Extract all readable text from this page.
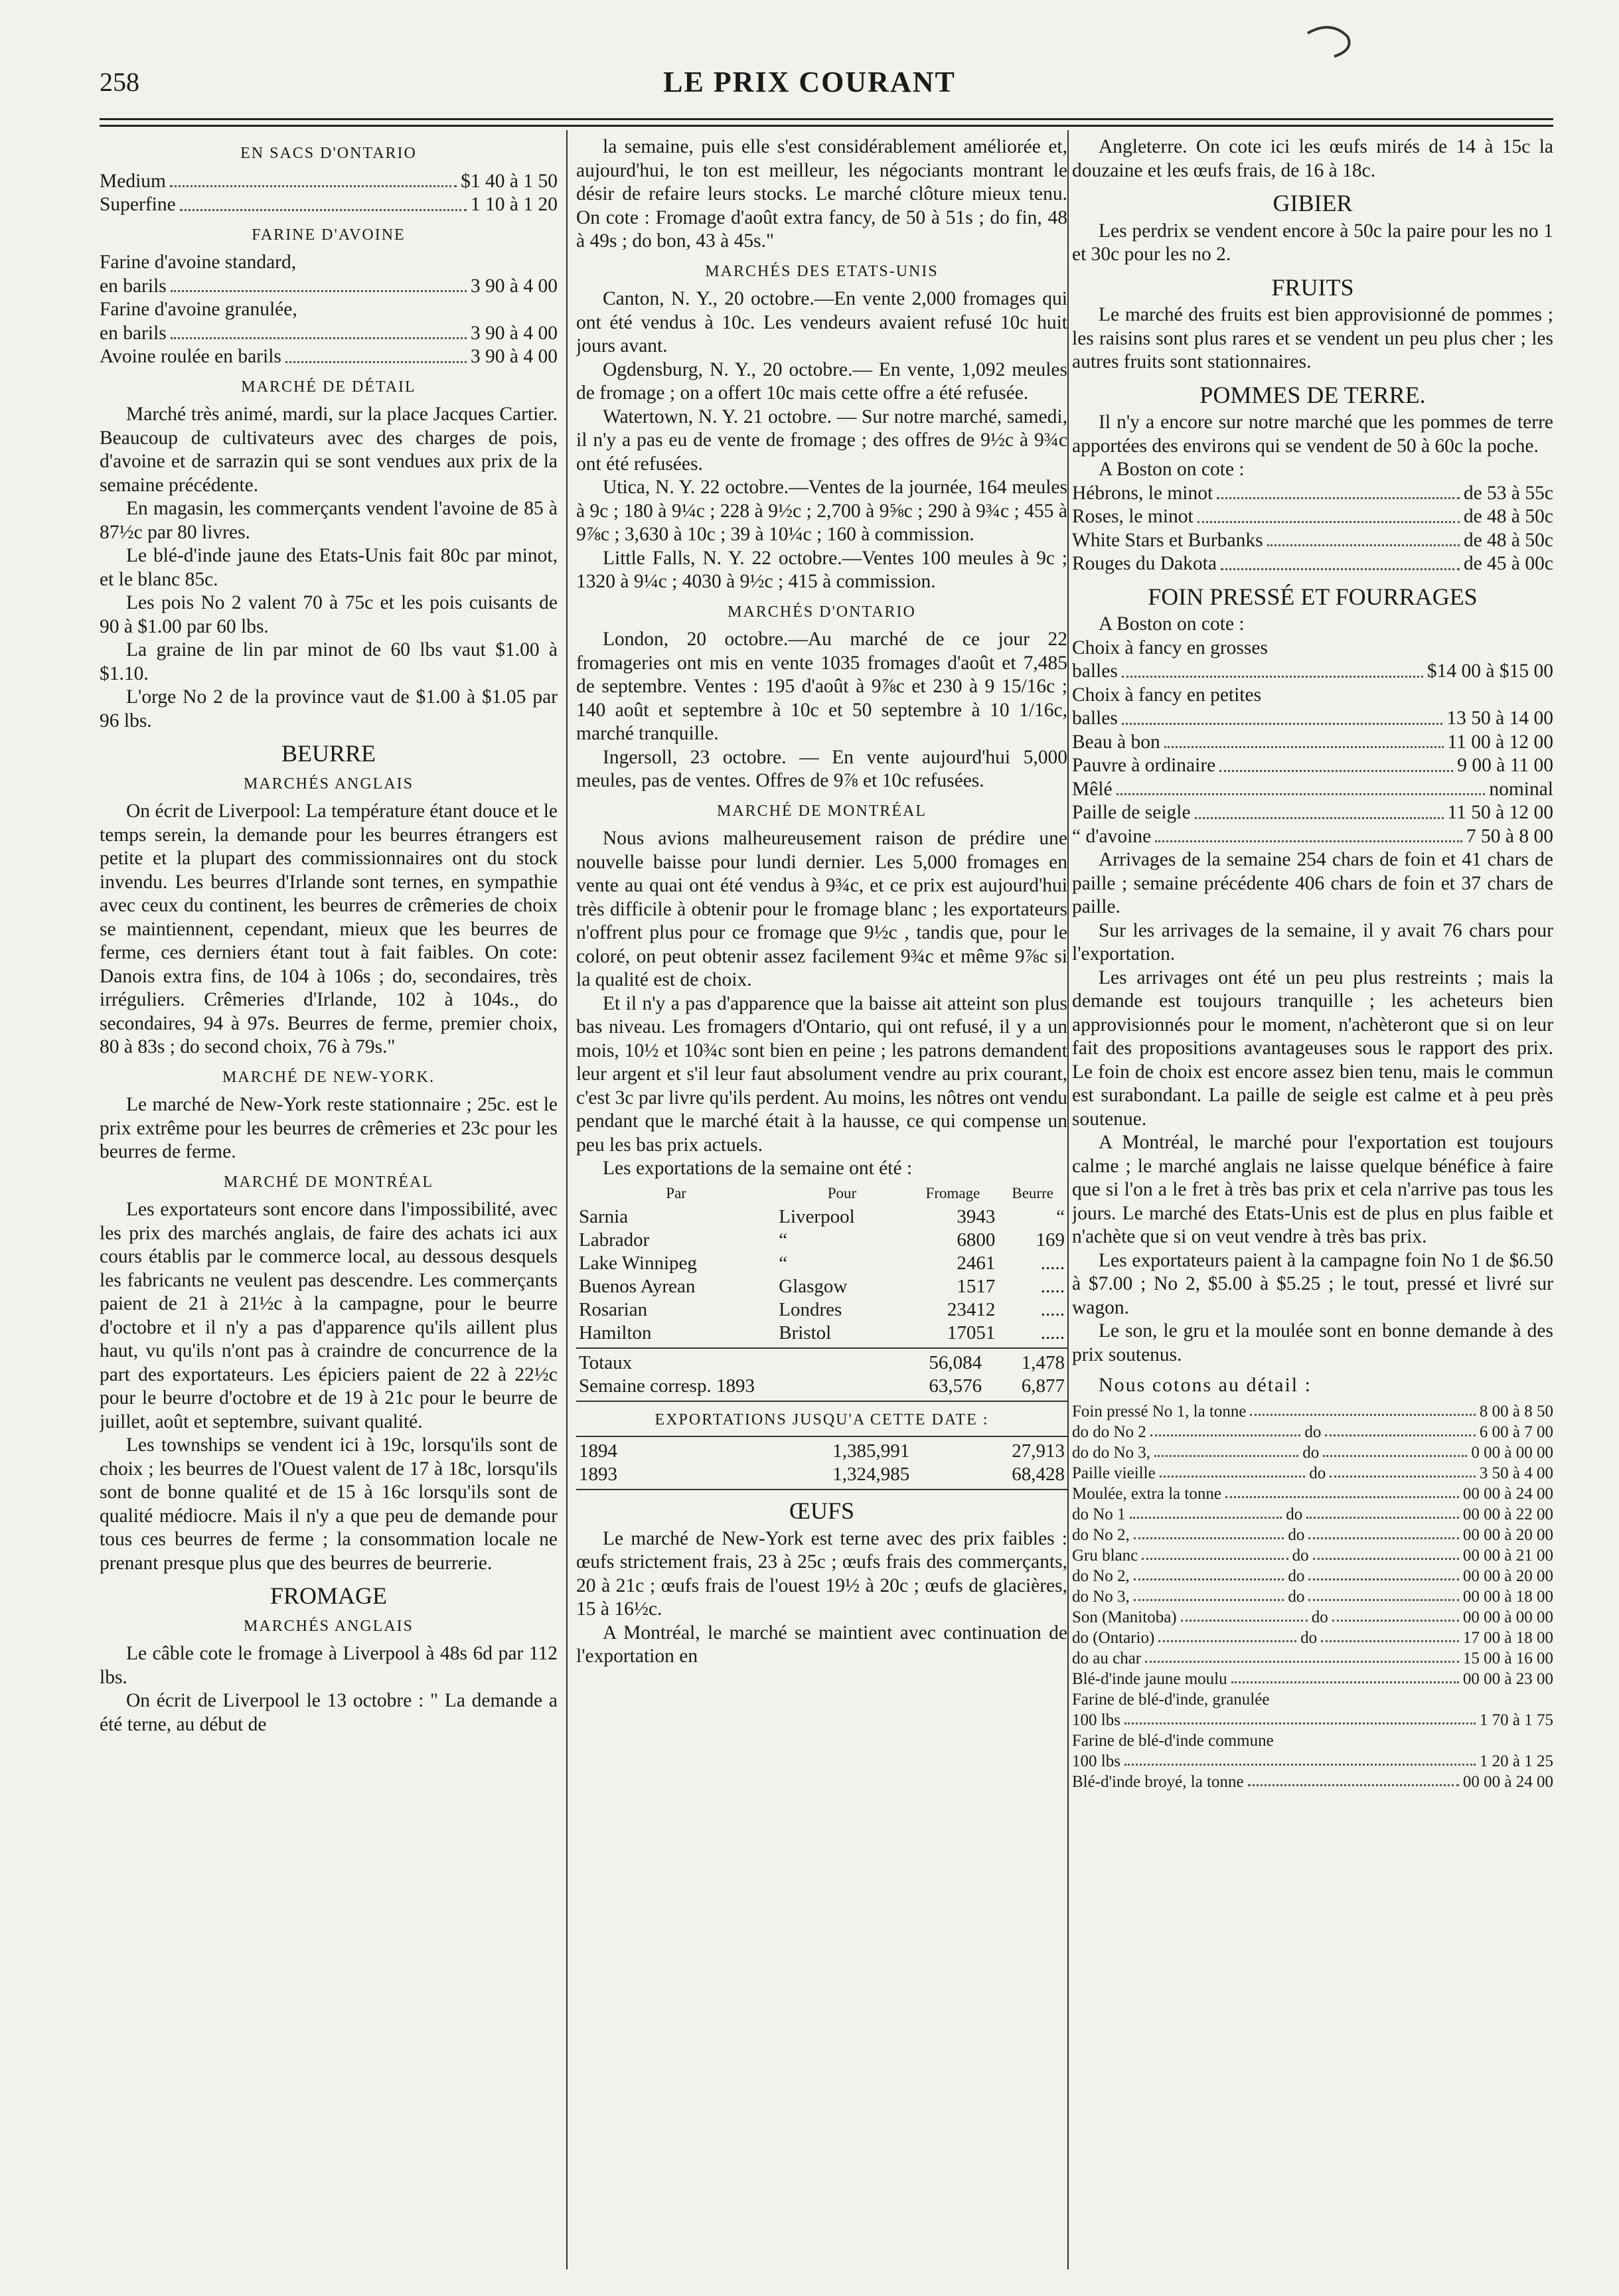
258	LE PRIX COURANT
EN SACS D'ONTARIO
Medium	$1 40 à 1 50
Superfine	1 10 à 1 20
FARINE D'AVOINE
Farine d'avoine standard,
en barils	3 90 à 4 00
Farine d'avoine granulée,
en barils	3 90 à 4 00
Avoine roulée en barils	3 90 à 4 00
MARCHÉ DE DÉTAIL

Marché très animé, mardi, sur la place Jacques Cartier. Beaucoup de cultivateurs avec des charges de pois, d'avoine et de sarrazin qui se sont vendues aux prix de la semaine précédente.

En magasin, les commerçants vendent l'avoine de 85 à 87½c par 80 livres.

Le blé-d'inde jaune des Etats-Unis fait 80c par minot, et le blanc 85c.

Les pois No 2 valent 70 à 75c et les pois cuisants de 90 à $1.00 par 60 lbs.

La graine de lin par minot de 60 lbs vaut $1.00 à $1.10.

L'orge No 2 de la province vaut de $1.00 à $1.05 par 96 lbs.

BEURRE
MARCHÉS ANGLAIS

On écrit de Liverpool: La température étant douce et le temps serein, la demande pour les beurres étrangers est petite et la plupart des commissionnaires ont du stock invendu. Les beurres d'Irlande sont ternes, en sympathie avec ceux du continent, les beurres de crêmeries de choix se maintiennent, cependant, mieux que les beurres de ferme, ces derniers étant tout à fait faibles. On cote: Danois extra fins, de 104 à 106s ; do, secondaires, très irréguliers. Crêmeries d'Irlande, 102 à 104s., do secondaires, 94 à 97s. Beurres de ferme, premier choix, 80 à 83s ; do second choix, 76 à 79s."

MARCHÉ DE NEW-YORK.

Le marché de New-York reste stationnaire ; 25c. est le prix extrême pour les beurres de crêmeries et 23c pour les beurres de ferme.

MARCHÉ DE MONTRÉAL

Les exportateurs sont encore dans l'impossibilité, avec les prix des marchés anglais, de faire des achats ici aux cours établis par le commerce local, au dessous desquels les fabricants ne veulent pas descendre. Les commerçants paient de 21 à 21½c à la campagne, pour le beurre d'octobre et il n'y a pas d'apparence qu'ils aillent plus haut, vu qu'ils n'ont pas à craindre de concurrence de la part des exportateurs. Les épiciers paient de 22 à 22½c pour le beurre d'octobre et de 19 à 21c pour le beurre de juillet, août et septembre, suivant qualité.

Les townships se vendent ici à 19c, lorsqu'ils sont de choix ; les beurres de l'Ouest valent de 17 à 18c, lorsqu'ils sont de bonne qualité et de 15 à 16c lorsqu'ils sont de qualité médiocre. Mais il n'y a que peu de demande pour tous ces beurres de ferme ; la consommation locale ne prenant presque plus que des beurres de beurrerie.

FROMAGE
MARCHÉS ANGLAIS

Le câble cote le fromage à Liverpool à 48s 6d par 112 lbs.

On écrit de Liverpool le 13 octobre : " La demande a été terne, au début de

la semaine, puis elle s'est considérablement améliorée et, aujourd'hui, le ton est meilleur, les négociants montrant le désir de refaire leurs stocks. Le marché clôture mieux tenu. On cote : Fromage d'août extra fancy, de 50 à 51s ; do fin, 48 à 49s ; do bon, 43 à 45s."

MARCHÉS DES ETATS-UNIS

Canton, N. Y., 20 octobre.—En vente 2,000 fromages qui ont été vendus à 10c. Les vendeurs avaient refusé 10c huit jours avant.

Ogdensburg, N. Y., 20 octobre.— En vente, 1,092 meules de fromage ; on a offert 10c mais cette offre a été refusée.

Watertown, N. Y. 21 octobre. — Sur notre marché, samedi, il n'y a pas eu de vente de fromage ; des offres de 9½c à 9¾c ont été refusées.

Utica, N. Y. 22 octobre.—Ventes de la journée, 164 meules à 9c ; 180 à 9¼c ; 228 à 9½c ; 2,700 à 9⅝c ; 290 à 9¾c ; 455 à 9⅞c ; 3,630 à 10c ; 39 à 10¼c ; 160 à commission.

Little Falls, N. Y. 22 octobre.—Ventes 100 meules à 9c ; 1320 à 9¼c ; 4030 à 9½c ; 415 à commission.

MARCHÉS D'ONTARIO

London, 20 octobre.—Au marché de ce jour 22 fromageries ont mis en vente 1035 fromages d'août et 7,485 de septembre. Ventes : 195 d'août à 9⅞c et 230 à 9 15/16c ; 140 août et septembre à 10c et 50 septembre à 10 1/16c, marché tranquille.

Ingersoll, 23 octobre. — En vente aujourd'hui 5,000 meules, pas de ventes. Offres de 9⅞ et 10c refusées.

MARCHÉ DE MONTRÉAL

Nous avions malheureusement raison de prédire une nouvelle baisse pour lundi dernier. Les 5,000 fromages en vente au quai ont été vendus à 9¾c, et ce prix est aujourd'hui très difficile à obtenir pour le fromage blanc ; les exportateurs n'offrent plus pour ce fromage que 9½c , tandis que, pour le coloré, on peut obtenir assez facilement 9¾c et même 9⅞c si la qualité est de choix.

Et il n'y a pas d'apparence que la baisse ait atteint son plus bas niveau. Les fromagers d'Ontario, qui ont refusé, il y a un mois, 10½ et 10¾c sont bien en peine ; les patrons demandent leur argent et s'il leur faut absolument vendre au prix courant, c'est 3c par livre qu'ils perdent. Au moins, les nôtres ont vendu pendant que le marché était à la hausse, ce qui compense un peu les bas prix actuels.

Les exportations de la semaine ont été :

Par	Pour	Fromage	Beurre
Sarnia	Liverpool	3943	“
Labrador	“	6800	169
Lake Winnipeg	“	2461	.....
Buenos Ayrean	Glasgow	1517	.....
Rosarian	Londres	23412	.....
Hamilton	Bristol	17051	.....
Totaux	56,084	1,478
Semaine corresp. 1893	63,576	6,877
EXPORTATIONS JUSQU'A CETTE DATE :
1894	1,385,991	27,913
1893	1,324,985	68,428
ŒUFS

Le marché de New-York est terne avec des prix faibles : œufs strictement frais, 23 à 25c ; œufs frais des commerçants, 20 à 21c ; œufs frais de l'ouest 19½ à 20c ; œufs de glacières, 15 à 16½c.

A Montréal, le marché se maintient avec continuation de l'exportation en

Angleterre. On cote ici les œufs mirés de 14 à 15c la douzaine et les œufs frais, de 16 à 18c.

GIBIER

Les perdrix se vendent encore à 50c la paire pour les no 1 et 30c pour les no 2.

FRUITS

Le marché des fruits est bien approvisionné de pommes ; les raisins sont plus rares et se vendent un peu plus cher ; les autres fruits sont stationnaires.

POMMES DE TERRE.

Il n'y a encore sur notre marché que les pommes de terre apportées des environs qui se vendent de 50 à 60c la poche.

A Boston on cote :

Hébrons, le minot	de 53 à 55c
Roses, le minot	de 48 à 50c
White Stars et Burbanks	de 48 à 50c
Rouges du Dakota	de 45 à 00c
FOIN PRESSÉ ET FOURRAGES

A Boston on cote :

Choix à fancy en grosses
balles	$14 00 à $15 00
Choix à fancy en petites
balles	13 50 à 14 00
Beau à bon	11 00 à 12 00
Pauvre à ordinaire	9 00 à 11 00
Mêlé	nominal
Paille de seigle	11 50 à 12 00
“ d'avoine	7 50 à 8 00

Arrivages de la semaine 254 chars de foin et 41 chars de paille ; semaine précédente 406 chars de foin et 37 chars de paille.

Sur les arrivages de la semaine, il y avait 76 chars pour l'exportation.

Les arrivages ont été un peu plus restreints ; mais la demande est toujours tranquille ; les acheteurs bien approvisionnés pour le moment, n'achèteront que si on leur fait des propositions avantageuses sous le rapport des prix. Le foin de choix est encore assez bien tenu, mais le commun est surabondant. La paille de seigle est calme et à peu près soutenue.

A Montréal, le marché pour l'exportation est toujours calme ; le marché anglais ne laisse quelque bénéfice à faire que si l'on a le fret à très bas prix et cela n'arrive pas tous les jours. Le marché des Etats-Unis est de plus en plus faible et n'achète que si on veut vendre à très bas prix.

Les exportateurs paient à la campagne foin No 1 de $6.50 à $7.00 ; No 2, $5.00 à $5.25 ; le tout, pressé et livré sur wagon.

Le son, le gru et la moulée sont en bonne demande à des prix soutenus.

Nous cotons au détail :
Foin pressé No 1, la tonne	8 00 à 8 50
do do No 2	do	6 00 à 7 00
do do No 3,	do	0 00 à 00 00
Paille vieille	do	3 50 à 4 00
Moulée, extra la tonne	00 00 à 24 00
do No 1	do	00 00 à 22 00
do No 2,	do	00 00 à 20 00
Gru blanc	do	00 00 à 21 00
do No 2,	do	00 00 à 20 00
do No 3,	do	00 00 à 18 00
Son (Manitoba)	do	00 00 à 00 00
do (Ontario)	do	17 00 à 18 00
do au char	15 00 à 16 00
Blé-d'inde jaune moulu	00 00 à 23 00
Farine de blé-d'inde, granulée
100 lbs	1 70 à 1 75
Farine de blé-d'inde commune
100 lbs	1 20 à 1 25
Blé-d'inde broyé, la tonne	00 00 à 24 00
